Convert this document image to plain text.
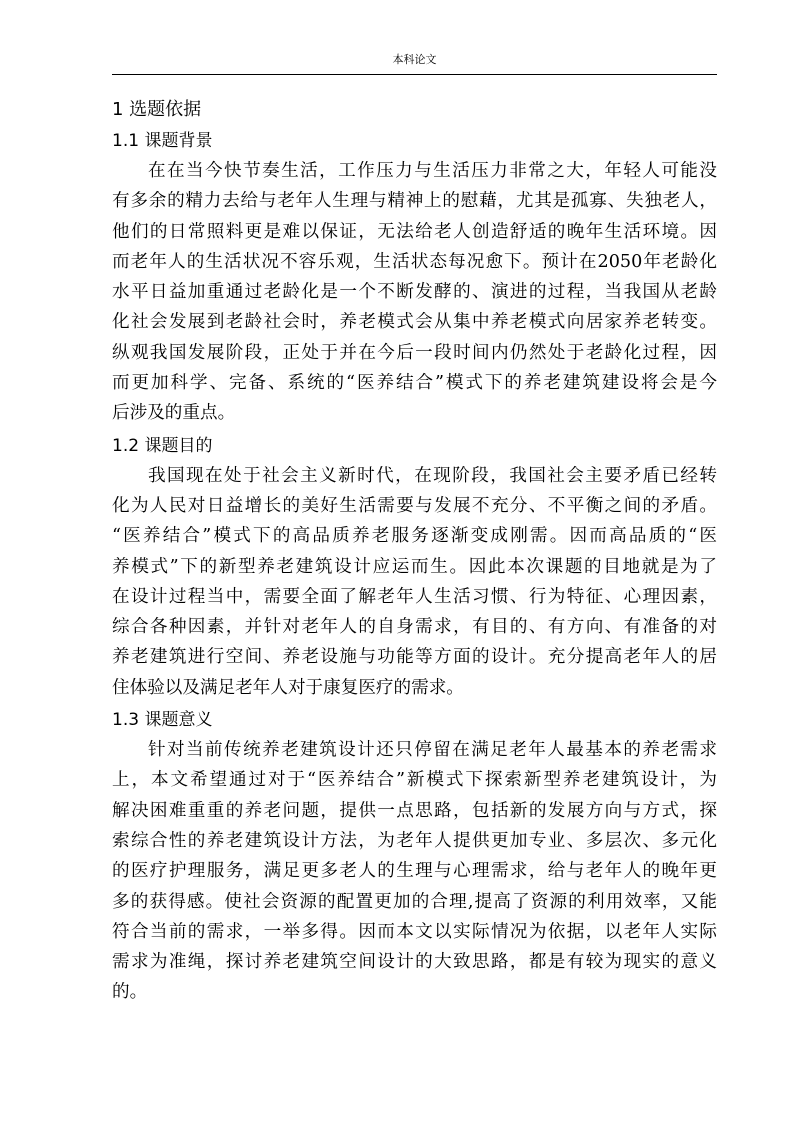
本科论文
1 选题依据
1.1 课题背景
在在当今快节奏生活，工作压力与生活压力非常之大，年轻人可能没
有多余的精力去给与老年人生理与精神上的慰藉，尤其是孤寡、失独老人，
他们的日常照料更是难以保证，无法给老人创造舒适的晚年生活环境。因
而老年人的生活状况不容乐观，生活状态每况愈下。预计在2050年老龄化
水平日益加重通过老龄化是一个不断发酵的、演进的过程，当我国从老龄
化社会发展到老龄社会时，养老模式会从集中养老模式向居家养老转变。
纵观我国发展阶段，正处于并在今后一段时间内仍然处于老龄化过程，因
而更加科学、完备、系统的“医养结合”模式下的养老建筑建设将会是今
后涉及的重点。
1.2 课题目的
我国现在处于社会主义新时代，在现阶段，我国社会主要矛盾已经转
化为人民对日益增长的美好生活需要与发展不充分、不平衡之间的矛盾。
“医养结合”模式下的高品质养老服务逐渐变成刚需。因而高品质的“医
养模式”下的新型养老建筑设计应运而生。因此本次课题的目地就是为了
在设计过程当中，需要全面了解老年人生活习惯、行为特征、心理因素，
综合各种因素，并针对老年人的自身需求，有目的、有方向、有准备的对
养老建筑进行空间、养老设施与功能等方面的设计。充分提高老年人的居
住体验以及满足老年人对于康复医疗的需求。
1.3 课题意义
针对当前传统养老建筑设计还只停留在满足老年人最基本的养老需求
上，本文希望通过对于“医养结合”新模式下探索新型养老建筑设计，为
解决困难重重的养老问题，提供一点思路，包括新的发展方向与方式，探
索综合性的养老建筑设计方法，为老年人提供更加专业、多层次、多元化
的医疗护理服务，满足更多老人的生理与心理需求，给与老年人的晚年更
多的获得感。使社会资源的配置更加的合理,提高了资源的利用效率，又能
符合当前的需求，一举多得。因而本文以实际情况为依据，以老年人实际
需求为准绳，探讨养老建筑空间设计的大致思路，都是有较为现实的意义
的。
